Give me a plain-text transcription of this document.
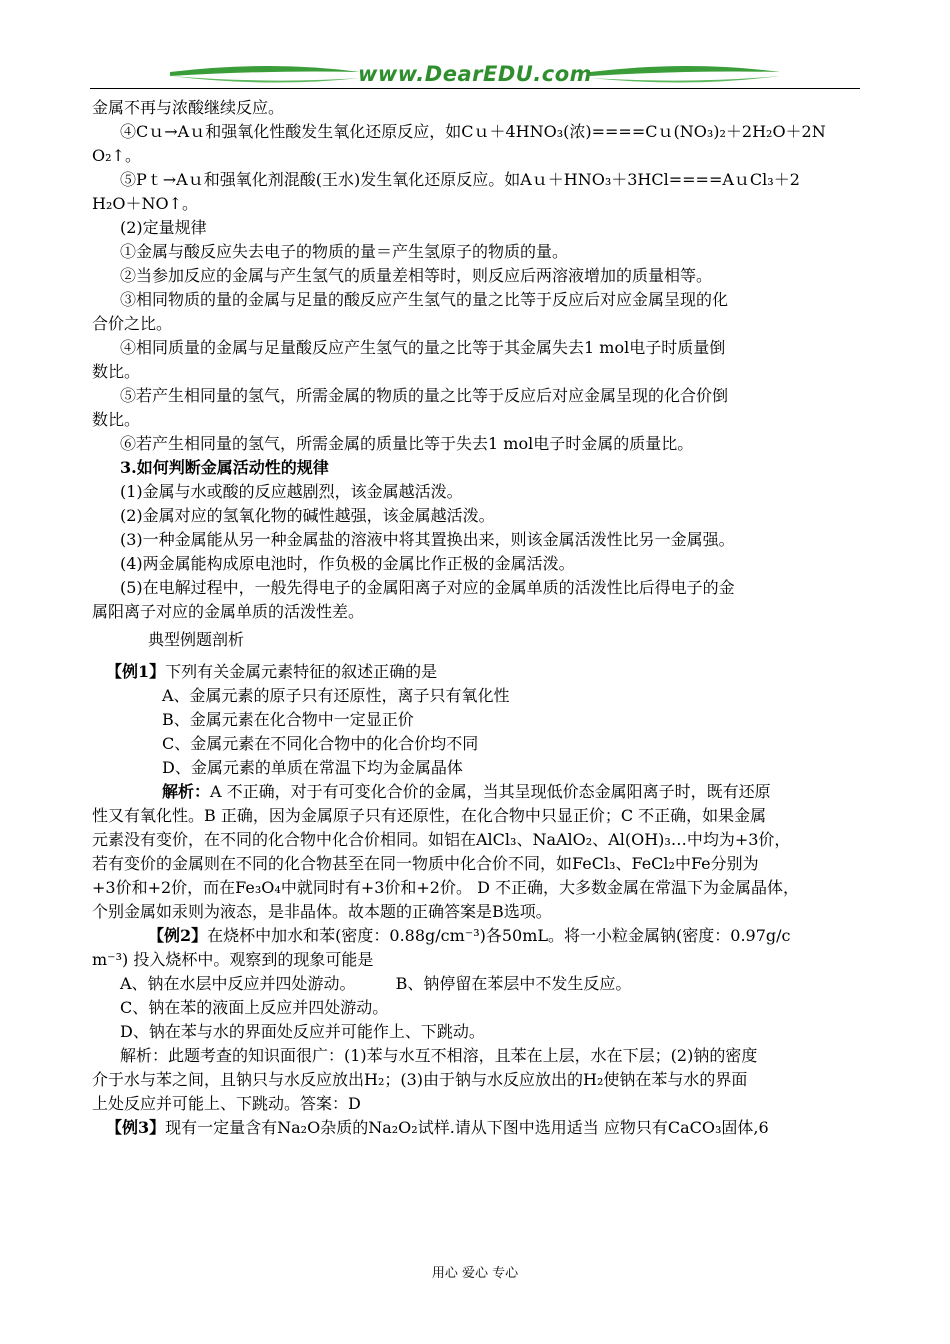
www.DearEDU.com
金属不再与浓酸继续反应。
④Cｕ→Aｕ和强氧化性酸发生氧化还原反应，如Cｕ＋4HNO₃(浓)====Cｕ(NO₃)₂＋2H₂O＋2N
O₂↑。
⑤Pｔ→Aｕ和强氧化剂混酸(王水)发生氧化还原反应。如Aｕ＋HNO₃＋3HCl====AｕCl₃＋2
H₂O＋NO↑。
(2)定量规律
①金属与酸反应失去电子的物质的量＝产生氢原子的物质的量。
②当参加反应的金属与产生氢气的质量差相等时，则反应后两溶液增加的质量相等。
③相同物质的量的金属与足量的酸反应产生氢气的量之比等于反应后对应金属呈现的化
合价之比。
④相同质量的金属与足量酸反应产生氢气的量之比等于其金属失去1 mol电子时质量倒
数比。
⑤若产生相同量的氢气，所需金属的物质的量之比等于反应后对应金属呈现的化合价倒
数比。
⑥若产生相同量的氢气，所需金属的质量比等于失去1 mol电子时金属的质量比。
3.如何判断金属活动性的规律
(1)金属与水或酸的反应越剧烈，该金属越活泼。
(2)金属对应的氢氧化物的碱性越强，该金属越活泼。
(3)一种金属能从另一种金属盐的溶液中将其置换出来，则该金属活泼性比另一金属强。
(4)两金属能构成原电池时，作负极的金属比作正极的金属活泼。
(5)在电解过程中，一般先得电子的金属阳离子对应的金属单质的活泼性比后得电子的金
属阳离子对应的金属单质的活泼性差。
典型例题剖析
【例1】下列有关金属元素特征的叙述正确的是
A、金属元素的原子只有还原性，离子只有氧化性
B、金属元素在化合物中一定显正价
C、金属元素在不同化合物中的化合价均不同
D、金属元素的单质在常温下均为金属晶体
解析：A 不正确，对于有可变化合价的金属，当其呈现低价态金属阳离子时，既有还原
性又有氧化性。B 正确，因为金属原子只有还原性，在化合物中只显正价；C 不正确，如果金属
元素没有变价，在不同的化合物中化合价相同。如铝在AlCl₃、NaAlO₂、Al(OH)₃…中均为+3价，
若有变价的金属则在不同的化合物甚至在同一物质中化合价不同，如FeCl₃、FeCl₂中Fe分别为
+3价和+2价，而在Fe₃O₄中就同时有+3价和+2价。 D 不正确，大多数金属在常温下为金属晶体，
个别金属如汞则为液态，是非晶体。故本题的正确答案是B选项。
【例2】在烧杯中加水和苯(密度：0.88g/cm⁻³)各50mL。将一小粒金属钠(密度：0.97g/c
m⁻³) 投入烧杯中。观察到的现象可能是
A、钠在水层中反应并四处游动。	B、钠停留在苯层中不发生反应。
C、钠在苯的液面上反应并四处游动。
D、钠在苯与水的界面处反应并可能作上、下跳动。
解析：此题考查的知识面很广：(1)苯与水互不相溶，且苯在上层，水在下层；(2)钠的密度
介于水与苯之间，且钠只与水反应放出H₂；(3)由于钠与水反应放出的H₂使钠在苯与水的界面
上处反应并可能上、下跳动。答案：D
【例3】现有一定量含有Na₂O杂质的Na₂O₂试样.请从下图中选用适当 应物只有CaCO₃固体,6
用心 爱心 专心
